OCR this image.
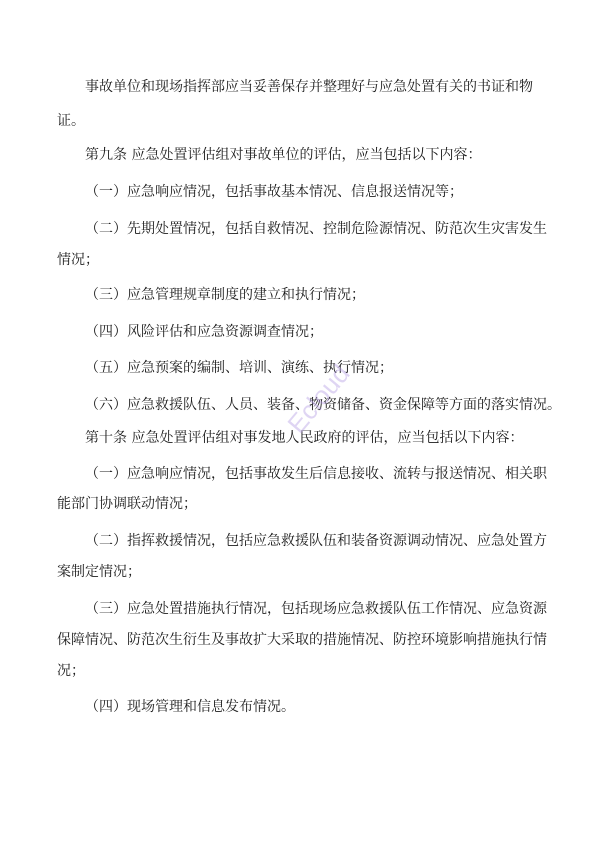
事故单位和现场指挥部应当妥善保存并整理好与应急处置有关的书证和物

证。

第九条 应急处置评估组对事故单位的评估，应当包括以下内容：

（一）应急响应情况，包括事故基本情况、信息报送情况等；

（二）先期处置情况，包括自救情况、控制危险源情况、防范次生灾害发生

情况；

（三）应急管理规章制度的建立和执行情况；

（四）风险评估和应急资源调查情况；

（五）应急预案的编制、培训、演练、执行情况；

（六）应急救援队伍、人员、装备、物资储备、资金保障等方面的落实情况。

第十条 应急处置评估组对事发地人民政府的评估，应当包括以下内容：

（一）应急响应情况，包括事故发生后信息接收、流转与报送情况、相关职

能部门协调联动情况；

（二）指挥救援情况，包括应急救援队伍和装备资源调动情况、应急处置方

案制定情况；

（三）应急处置措施执行情况，包括现场应急救援队伍工作情况、应急资源

保障情况、防范次生衍生及事故扩大采取的措施情况、防控环境影响措施执行情

况；

（四）现场管理和信息发布情况。

Ecloud
